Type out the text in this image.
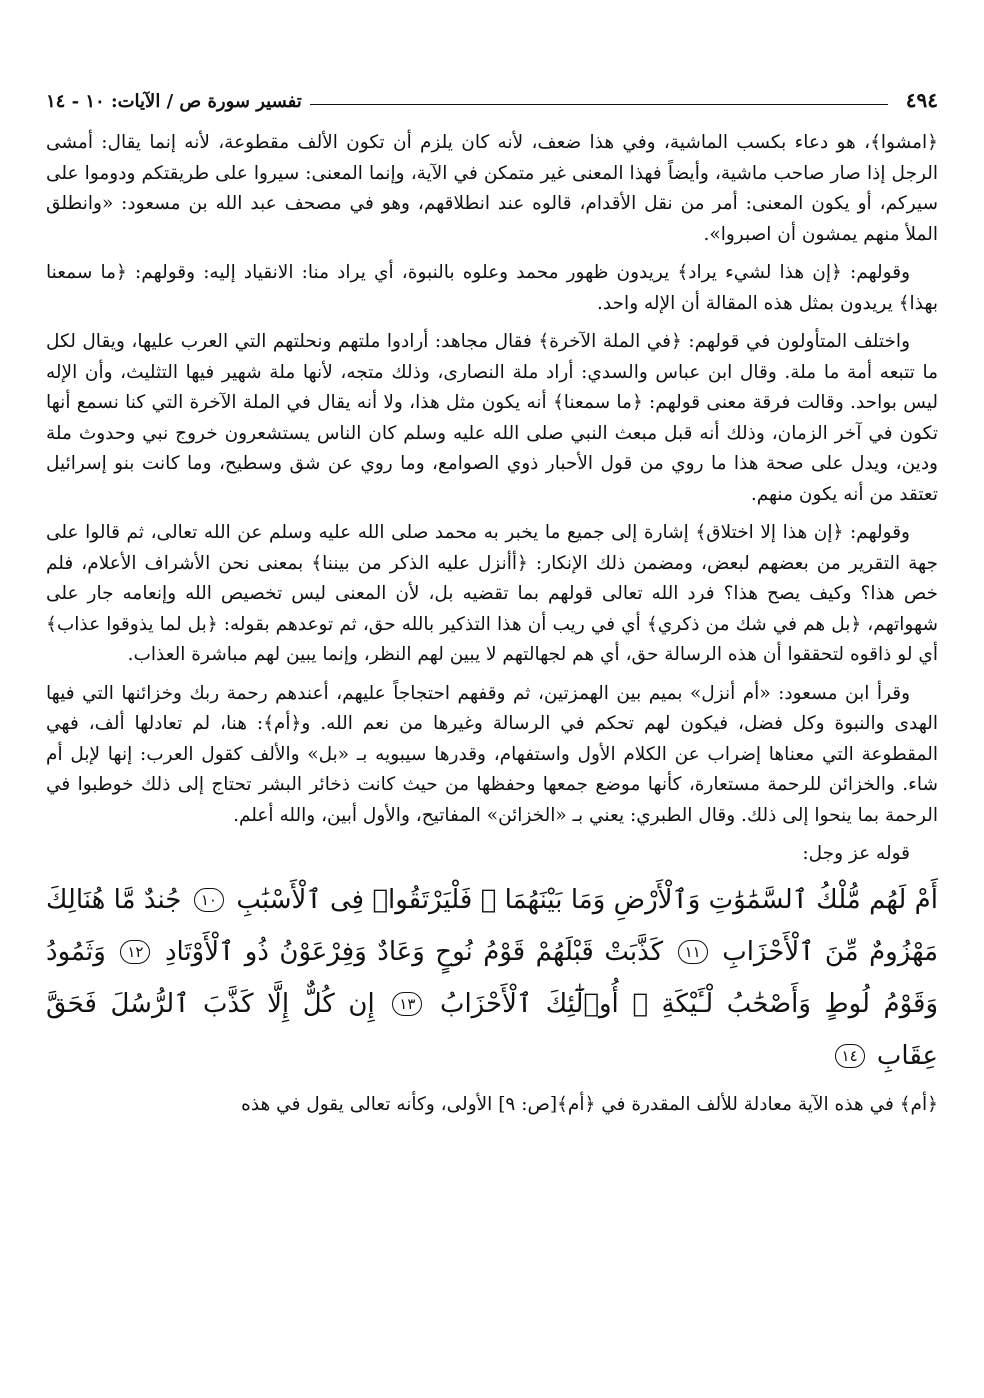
٤٩٤
تفسير سورة ص / الآيات: ١٠ - ١٤

﴿امشوا﴾، هو دعاء بكسب الماشية، وفي هذا ضعف، لأنه كان يلزم أن تكون الألف مقطوعة، لأنه إنما يقال: أمشى الرجل إذا صار صاحب ماشية، وأيضاً فهذا المعنى غير متمكن في الآية، وإنما المعنى: سيروا على طريقتكم ودوموا على سيركم، أو يكون المعنى: أمر من نقل الأقدام، قالوه عند انطلاقهم، وهو في مصحف عبد الله بن مسعود: «وانطلق الملأ منهم يمشون أن اصبروا».

وقولهم: ﴿إن هذا لشيء يراد﴾ يريدون ظهور محمد وعلوه بالنبوة، أي يراد منا: الانقياد إليه: وقولهم: ﴿ما سمعنا بهذا﴾ يريدون بمثل هذه المقالة أن الإله واحد.

واختلف المتأولون في قولهم: ﴿في الملة الآخرة﴾ فقال مجاهد: أرادوا ملتهم ونحلتهم التي العرب عليها، ويقال لكل ما تتبعه أمة ما ملة. وقال ابن عباس والسدي: أراد ملة النصارى، وذلك متجه، لأنها ملة شهير فيها التثليث، وأن الإله ليس بواحد. وقالت فرقة معنى قولهم: ﴿ما سمعنا﴾ أنه يكون مثل هذا، ولا أنه يقال في الملة الآخرة التي كنا نسمع أنها تكون في آخر الزمان، وذلك أنه قبل مبعث النبي صلى الله عليه وسلم كان الناس يستشعرون خروج نبي وحدوث ملة ودين، ويدل على صحة هذا ما روي من قول الأحبار ذوي الصوامع، وما روي عن شق وسطيح، وما كانت بنو إسرائيل تعتقد من أنه يكون منهم.

وقولهم: ﴿إن هذا إلا اختلاق﴾ إشارة إلى جميع ما يخبر به محمد صلى الله عليه وسلم عن الله تعالى، ثم قالوا على جهة التقرير من بعضهم لبعض، ومضمن ذلك الإنكار: ﴿أأنزل عليه الذكر من بيننا﴾ بمعنى نحن الأشراف الأعلام، فلم خص هذا؟ وكيف يصح هذا؟ فرد الله تعالى قولهم بما تقضيه بل، لأن المعنى ليس تخصيص الله وإنعامه جار على شهواتهم، ﴿بل هم في شك من ذكري﴾ أي في ريب أن هذا التذكير بالله حق، ثم توعدهم بقوله: ﴿بل لما يذوقوا عذاب﴾ أي لو ذاقوه لتحققوا أن هذه الرسالة حق، أي هم لجهالتهم لا يبين لهم النظر، وإنما يبين لهم مباشرة العذاب.

وقرأ ابن مسعود: «أم أنزل» بميم بين الهمزتين، ثم وقفهم احتجاجاً عليهم، أعندهم رحمة ربك وخزائنها التي فيها الهدى والنبوة وكل فضل، فيكون لهم تحكم في الرسالة وغيرها من نعم الله. و﴿أم﴾: هنا، لم تعادلها ألف، فهي المقطوعة التي معناها إضراب عن الكلام الأول واستفهام، وقدرها سيبويه بـ «بل» والألف كقول العرب: إنها لإبل أم شاء. والخزائن للرحمة مستعارة، كأنها موضع جمعها وحفظها من حيث كانت ذخائر البشر تحتاج إلى ذلك خوطبوا في الرحمة بما ينحوا إلى ذلك. وقال الطبري: يعني بـ «الخزائن» المفاتيح، والأول أبين، والله أعلم.

قوله عز وجل:

أَمْ لَهُم مُّلْكُ ٱلسَّمَٰوَٰتِ وَٱلْأَرْضِ وَمَا بَيْنَهُمَا ۖ فَلْيَرْتَقُوا۟ فِى ٱلْأَسْبَٰبِ ١٠ جُندٌ مَّا هُنَالِكَ مَهْزُومٌ مِّنَ ٱلْأَحْزَابِ ١١ كَذَّبَتْ قَبْلَهُمْ قَوْمُ نُوحٍ وَعَادٌ وَفِرْعَوْنُ ذُو ٱلْأَوْتَادِ ١٢ وَثَمُودُ وَقَوْمُ لُوطٍ وَأَصْحَٰبُ لْـَٔيْكَةِ ۚ أُو۟لَٰٓئِكَ ٱلْأَحْزَابُ ١٣ إِن كُلٌّ إِلَّا كَذَّبَ ٱلرُّسُلَ فَحَقَّ عِقَابِ ١٤

﴿أم﴾ في هذه الآية معادلة للألف المقدرة في ﴿أم﴾[ص: ٩] الأولى، وكأنه تعالى يقول في هذه
